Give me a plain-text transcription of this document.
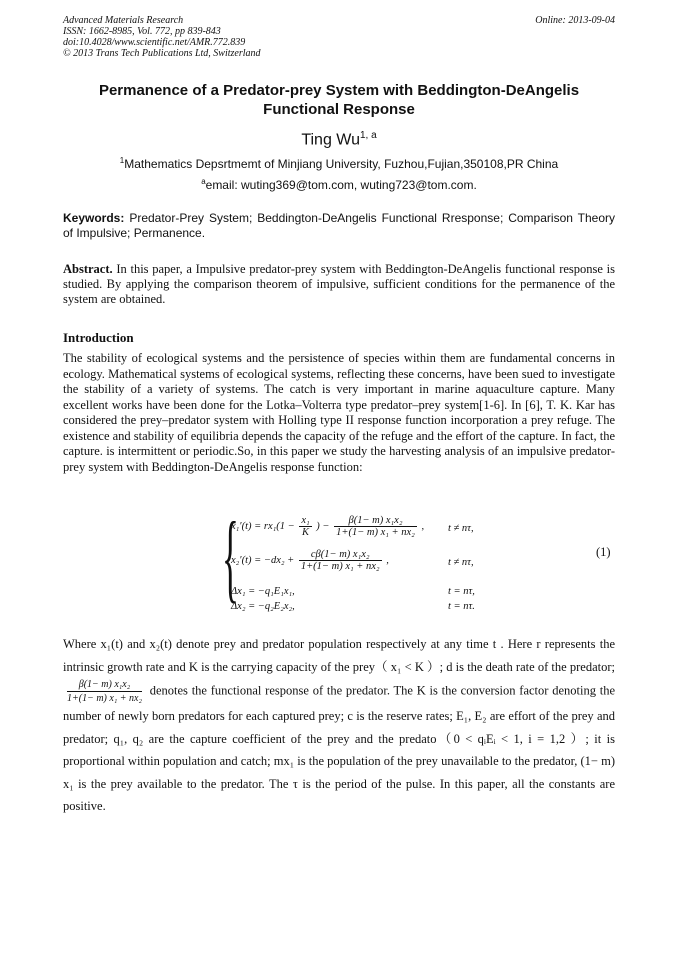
Advanced Materials Research
ISSN: 1662-8985, Vol. 772, pp 839-843
doi:10.4028/www.scientific.net/AMR.772.839
© 2013 Trans Tech Publications Ltd, Switzerland
Online: 2013-09-04
Permanence of a Predator-prey System with Beddington-DeAngelis
Functional Response
Ting Wu$^{1, a}$
$^1$Mathematics Depsrtmemt of Minjiang University, Fuzhou,Fujian,350108,PR China
$^a$email: wuting369@tom.com, wuting723@tom.com.
Keywords: Predator-Prey System; Beddington-DeAngelis Functional Rresponse; Comparison Theory of Impulsive; Permanence.
Abstract. In this paper, a Impulsive predator-prey system with Beddington-DeAngelis functional response is studied. By applying the comparison theorem of impulsive, sufficient conditions for the permanence of the system are obtained.
Introduction
The stability of ecological systems and the persistence of species within them are fundamental concerns in ecology. Mathematical systems of ecological systems, reflecting these concerns, have been sued to investigate the stability of a variety of systems. The catch is very important in marine aquaculture capture. Many excellent works have been done for the Lotka–Volterra type predator–prey system[1-6]. In [6], T. K. Kar has considered the prey–predator system with Holling type II response function incorporation a prey refuge. The existence and stability of equilibria depends the capacity of the refuge and the effort of the capture. In fact, the capture. is intermittent or periodic.So, in this paper we study the harvesting analysis of an impulsive predator-prey system with Beddington-DeAngelis response function:
{
$x_1'(t) = rx_1(1 - \frac{\text{x₁}}{K}$ ) − $\frac{\text{β(1− m) x₁x₂}}{\text{1+(1− m) x₁ + nx₂}}$ , t ≠ nτ,
$x_2'(t) = -dx_2 + \frac{\text{cβ(1− m) x₁x₂}}{\text{1+(1− m) x₁ + nx₂}}$ ,	t ≠ nτ,
Δx₁ = −q₁E₁x₁,	t = nτ,
Δx₂ = −q₂E₂x₂,	t = nτ.
(1)
Where x₁(t) and x₂(t) denote prey and predator population respectively at any time t . Here r represents the intrinsic growth rate and K is the carrying capacity of the prey（ x₁ < K ）; d is the death rate of the predator;
$\frac{\text{β(1− m) x₁x₂}}{\text{1+(1− m) x₁ + nx₂}}$ denotes the functional response of the predator. The K is the conversion factor denoting the number of newly born predators for each captured prey; c is the reserve rates; E₁, E₂ are effort of the prey and predator; q₁, q₂ are the capture coefficient of the prey and the predato（0 < qᵢEᵢ < 1, i = 1,2 ）; it is proportional within population and catch; mx₁ is the population of the prey unavailable to the predator, (1− m) x₁ is the prey available to the predator. The τ is the period of the pulse. In this paper, all the constants are positive.
